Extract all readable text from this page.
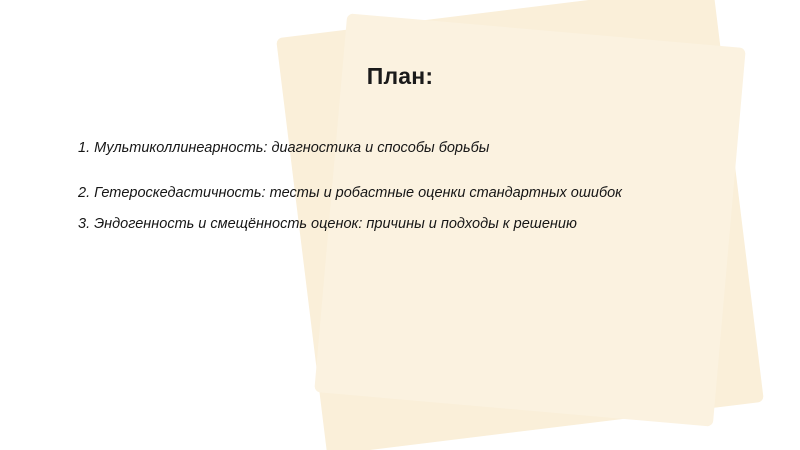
План:
1. Мультиколлинеарность: диагностика и способы борьбы
2. Гетероскедастичность: тесты и робастные оценки стандартных ошибок
3. Эндогенность и смещённость оценок: причины и подходы к решению
